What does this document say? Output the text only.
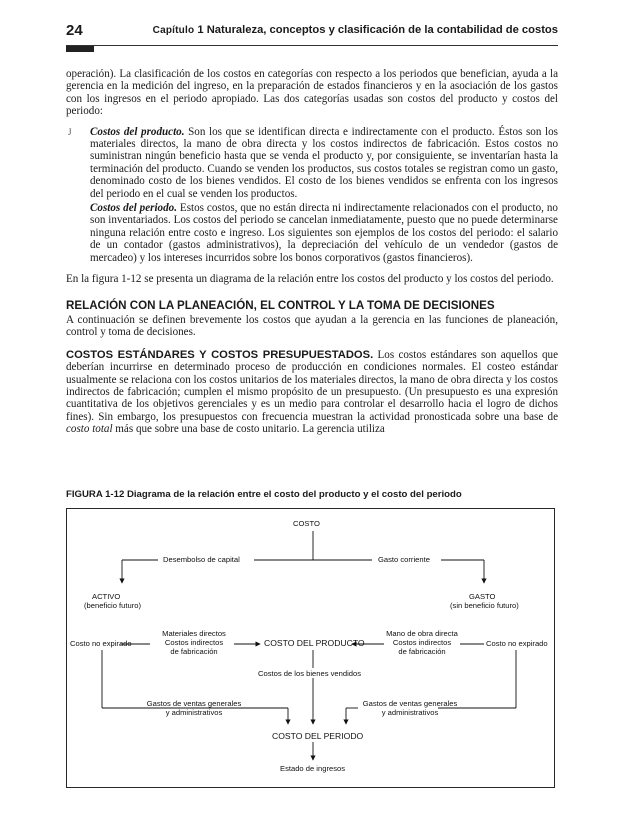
24	Capítulo 1 Naturaleza, conceptos y clasificación de la contabilidad de costos

operación). La clasificación de los costos en categorías con respecto a los periodos que benefician, ayuda a la gerencia en la medición del ingreso, en la preparación de estados financieros y en la asociación de los gastos con los ingresos en el periodo apropiado. Las dos categorías usadas son costos del producto y costos del periodo:

J Costos del producto. Son los que se identifican directa e indirectamente con el producto. Éstos son los materiales directos, la mano de obra directa y los costos indirectos de fabricación. Estos costos no suministran ningún beneficio hasta que se venda el producto y, por consiguiente, se inventarían hasta la terminación del producto. Cuando se venden los productos, sus costos totales se registran como un gasto, denominado costo de los bienes vendidos. El costo de los bienes vendidos se enfrenta con los ingresos del periodo en el cual se venden los productos.
Costos del periodo. Estos costos, que no están directa ni indirectamente relacionados con el producto, no son inventariados. Los costos del periodo se cancelan inmediatamente, puesto que no puede determinarse ninguna relación entre costo e ingreso. Los siguientes son ejemplos de los costos del periodo: el salario de un contador (gastos administrativos), la depreciación del vehículo de un vendedor (gastos de mercadeo) y los intereses incurridos sobre los bonos corporativos (gastos financieros).

En la figura 1-12 se presenta un diagrama de la relación entre los costos del producto y los costos del periodo.

RELACIÓN CON LA PLANEACIÓN, EL CONTROL Y LA TOMA DE DECISIONES

A continuación se definen brevemente los costos que ayudan a la gerencia en las funciones de planeación, control y toma de decisiones.

COSTOS ESTÁNDARES Y COSTOS PRESUPUESTADOS. Los costos estándares son aquellos que deberían incurrirse en determinado proceso de producción en condiciones normales. El costeo estándar usualmente se relaciona con los costos unitarios de los materiales directos, la mano de obra directa y los costos indirectos de fabricación; cumplen el mismo propósito de un presupuesto. (Un presupuesto es una expresión cuantitativa de los objetivos gerenciales y es un medio para controlar el desarrollo hacia el logro de dichos fines). Sin embargo, los presupuestos con frecuencia muestran la actividad pronosticada sobre una base de costo total más que sobre una base de costo unitario. La gerencia utiliza

FIGURA 1-12 Diagrama de la relación entre el costo del producto y el costo del periodo
COSTO
Desembolso de capital	Gasto corriente
ACTIVO
(beneficio futuro)
GASTO
(sin beneficio futuro)
Costo no expirado
Materiales directos
Costos indirectos
de fabricación
COSTO DEL PRODUCTO
Mano de obra directa
Costos indirectos
de fabricación
Costo no expirado
Costos de los bienes vendidos
Gastos de ventas generales
y administrativos
Gastos de ventas generales
y administrativos
COSTO DEL PERIODO
Estado de ingresos
